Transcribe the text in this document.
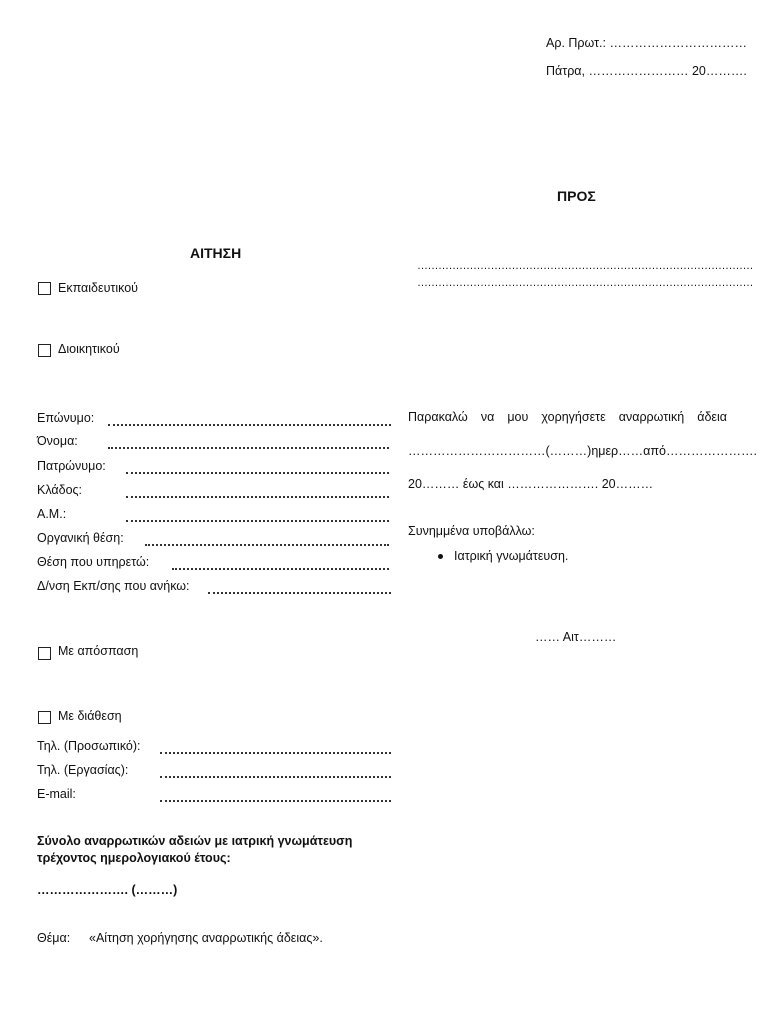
Αρ. Πρωτ.: ……………………………
Πάτρα, …………………… 20……….
ΠΡΟΣ
……………………………………………………………………………………
……………………………………………………………………………………
ΑΙΤΗΣΗ
Εκπαιδευτικού
Διοικητικού
Επώνυμο:
Όνομα:
Πατρώνυμο:
Κλάδος:
Α.Μ.:
Οργανική θέση:
Θέση που υπηρετώ:
Δ/νση Εκπ/σης που ανήκω:
Με απόσπαση
Με διάθεση
Τηλ. (Προσωπικό):
Τηλ. (Εργασίας):
E-mail:
Σύνολο αναρρωτικών αδειών με ιατρική γνωμάτευση
τρέχοντος ημερολογιακού έτους:
…………………. (………)
Θέμα: «Αίτηση χορήγησης αναρρωτικής άδειας».
Παρακαλώ να μου χορηγήσετε αναρρωτική άδεια
…………………………… (………) ημερ…… από ………………….
20……… έως και …………………. 20………
Συνημμένα υποβάλλω:
Ιατρική γνωμάτευση.
…… Αιτ………
